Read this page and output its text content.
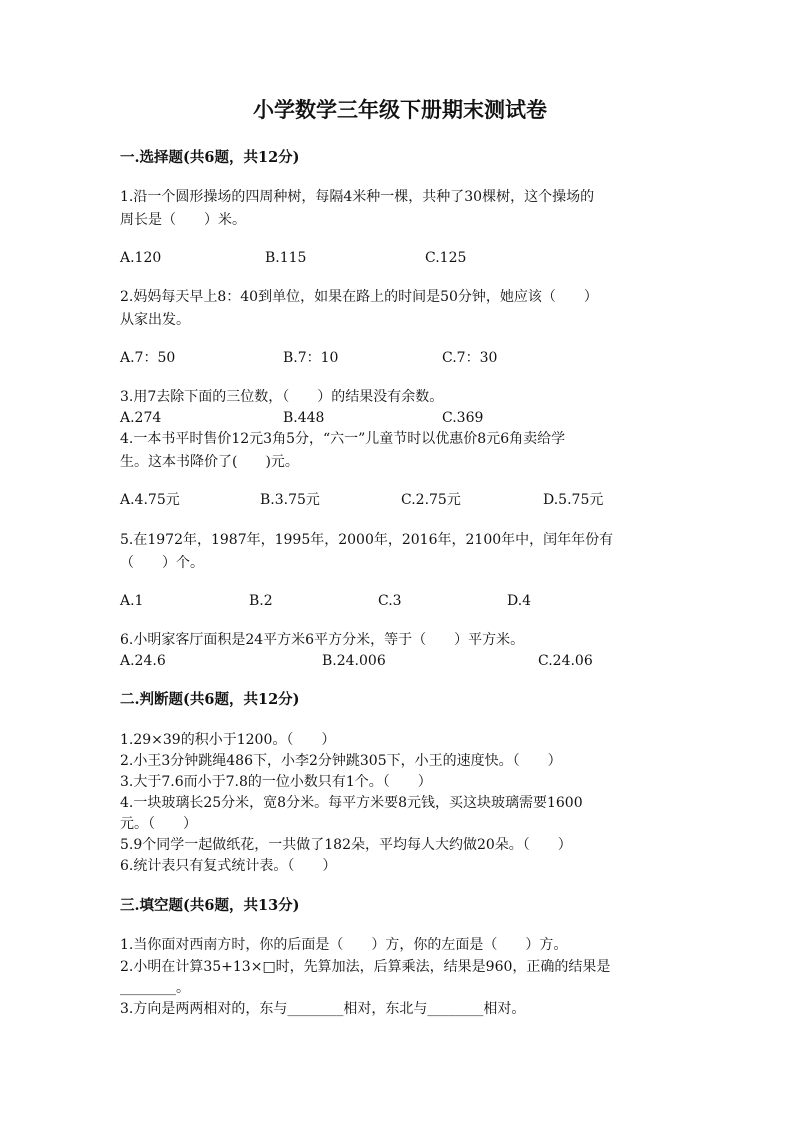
小学数学三年级下册期末测试卷
一.选择题(共6题，共12分)
1.沿一个圆形操场的四周种树，每隔4米种一棵，共种了30棵树，这个操场的
周长是（　　）米。
A.120	B.115	C.125
2.妈妈每天早上8：40到单位，如果在路上的时间是50分钟，她应该（　　）
从家出发。
A.7：50	B.7：10	C.7：30
3.用7去除下面的三位数，（　　）的结果没有余数。
A.274	B.448	C.369
4.一本书平时售价12元3角5分，“六一”儿童节时以优惠价8元6角卖给学
生。这本书降价了(　　)元。
A.4.75元	B.3.75元	C.2.75元	D.5.75元
5.在1972年，1987年，1995年，2000年，2016年，2100年中，闰年年份有
（　　）个。
A.1	B.2	C.3	D.4
6.小明家客厅面积是24平方米6平方分米，等于（　　）平方米。
A.24.6	B.24.006	C.24.06
二.判断题(共6题，共12分)
1.29×39的积小于1200。（　　）
2.小王3分钟跳绳486下，小李2分钟跳305下，小王的速度快。（　　）
3.大于7.6而小于7.8的一位小数只有1个。（　　）
4.一块玻璃长25分米，宽8分米。每平方米要8元钱，买这块玻璃需要1600
元。（　　）
5.9个同学一起做纸花，一共做了182朵，平均每人大约做20朵。（　　）
6.统计表只有复式统计表。（　　）
三.填空题(共6题，共13分)
1.当你面对西南方时，你的后面是（　　）方，你的左面是（　　）方。
2.小明在计算35+13×□时，先算加法，后算乘法，结果是960，正确的结果是
________。
3.方向是两两相对的，东与________相对，东北与________相对。
